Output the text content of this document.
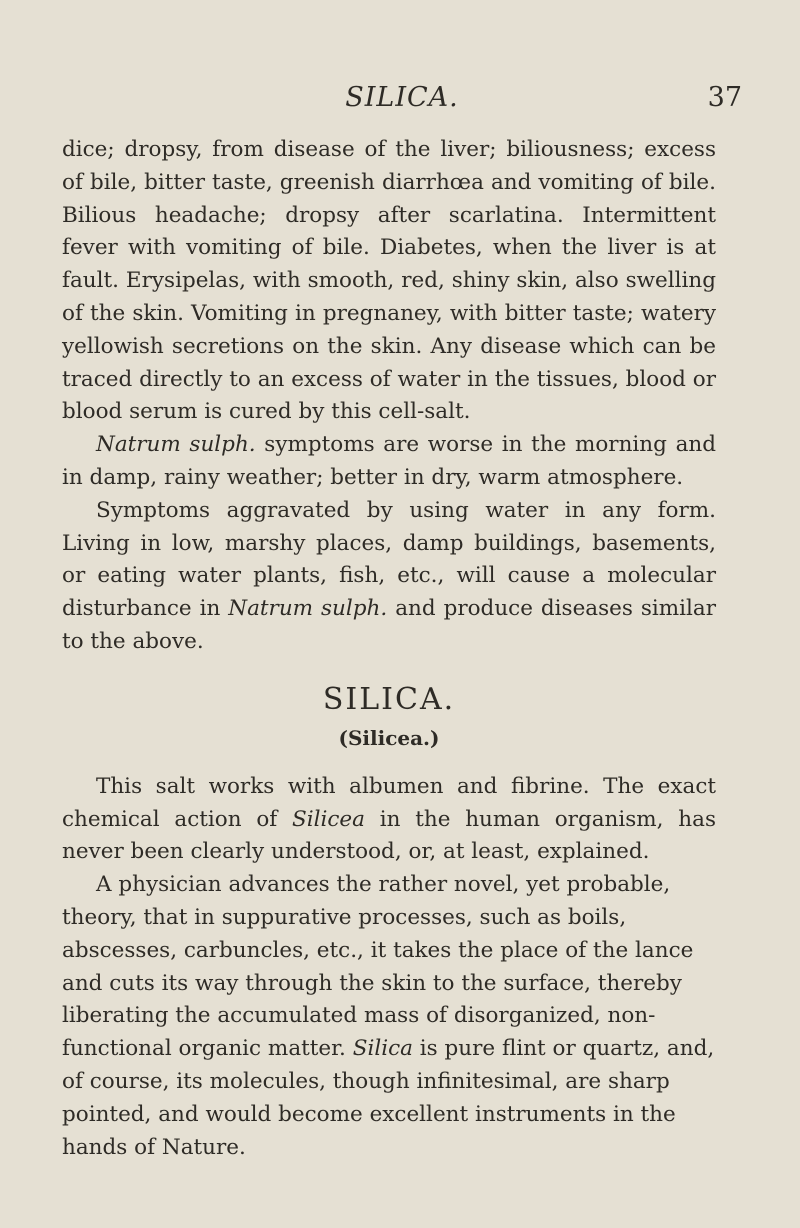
SILICA.	37

dice; dropsy, from disease of the liver; biliousness; excess of bile, bitter taste, greenish diarrhœa and vomiting of bile. Bilious headache; dropsy after scarlatina. Intermittent fever with vomiting of bile. Diabetes, when the liver is at fault. Erysipelas, with smooth, red, shiny skin, also swelling of the skin. Vomiting in pregnaney, with bitter taste; watery yellowish secretions on the skin. Any disease which can be traced directly to an excess of water in the tissues, blood or blood serum is cured by this cell-salt.

Natrum sulph. symptoms are worse in the morning and in damp, rainy weather; better in dry, warm atmosphere.

Symptoms aggravated by using water in any form. Living in low, marshy places, damp buildings, basements, or eating water plants, fish, etc., will cause a molecular disturbance in Natrum sulph. and produce diseases similar to the above.

SILICA.
(Silicea.)

This salt works with albumen and fibrine. The exact chemical action of Silicea in the human organism, has never been clearly understood, or, at least, explained.

A physician advances the rather novel, yet probable, theory, that in suppurative processes, such as boils, abscesses, carbuncles, etc., it takes the place of the lance and cuts its way through the skin to the surface, thereby liberating the accumulated mass of disorganized, non-functional organic matter. Silica is pure flint or quartz, and, of course, its molecules, though infinitesimal, are sharp pointed, and would become excellent instruments in the hands of Nature.
